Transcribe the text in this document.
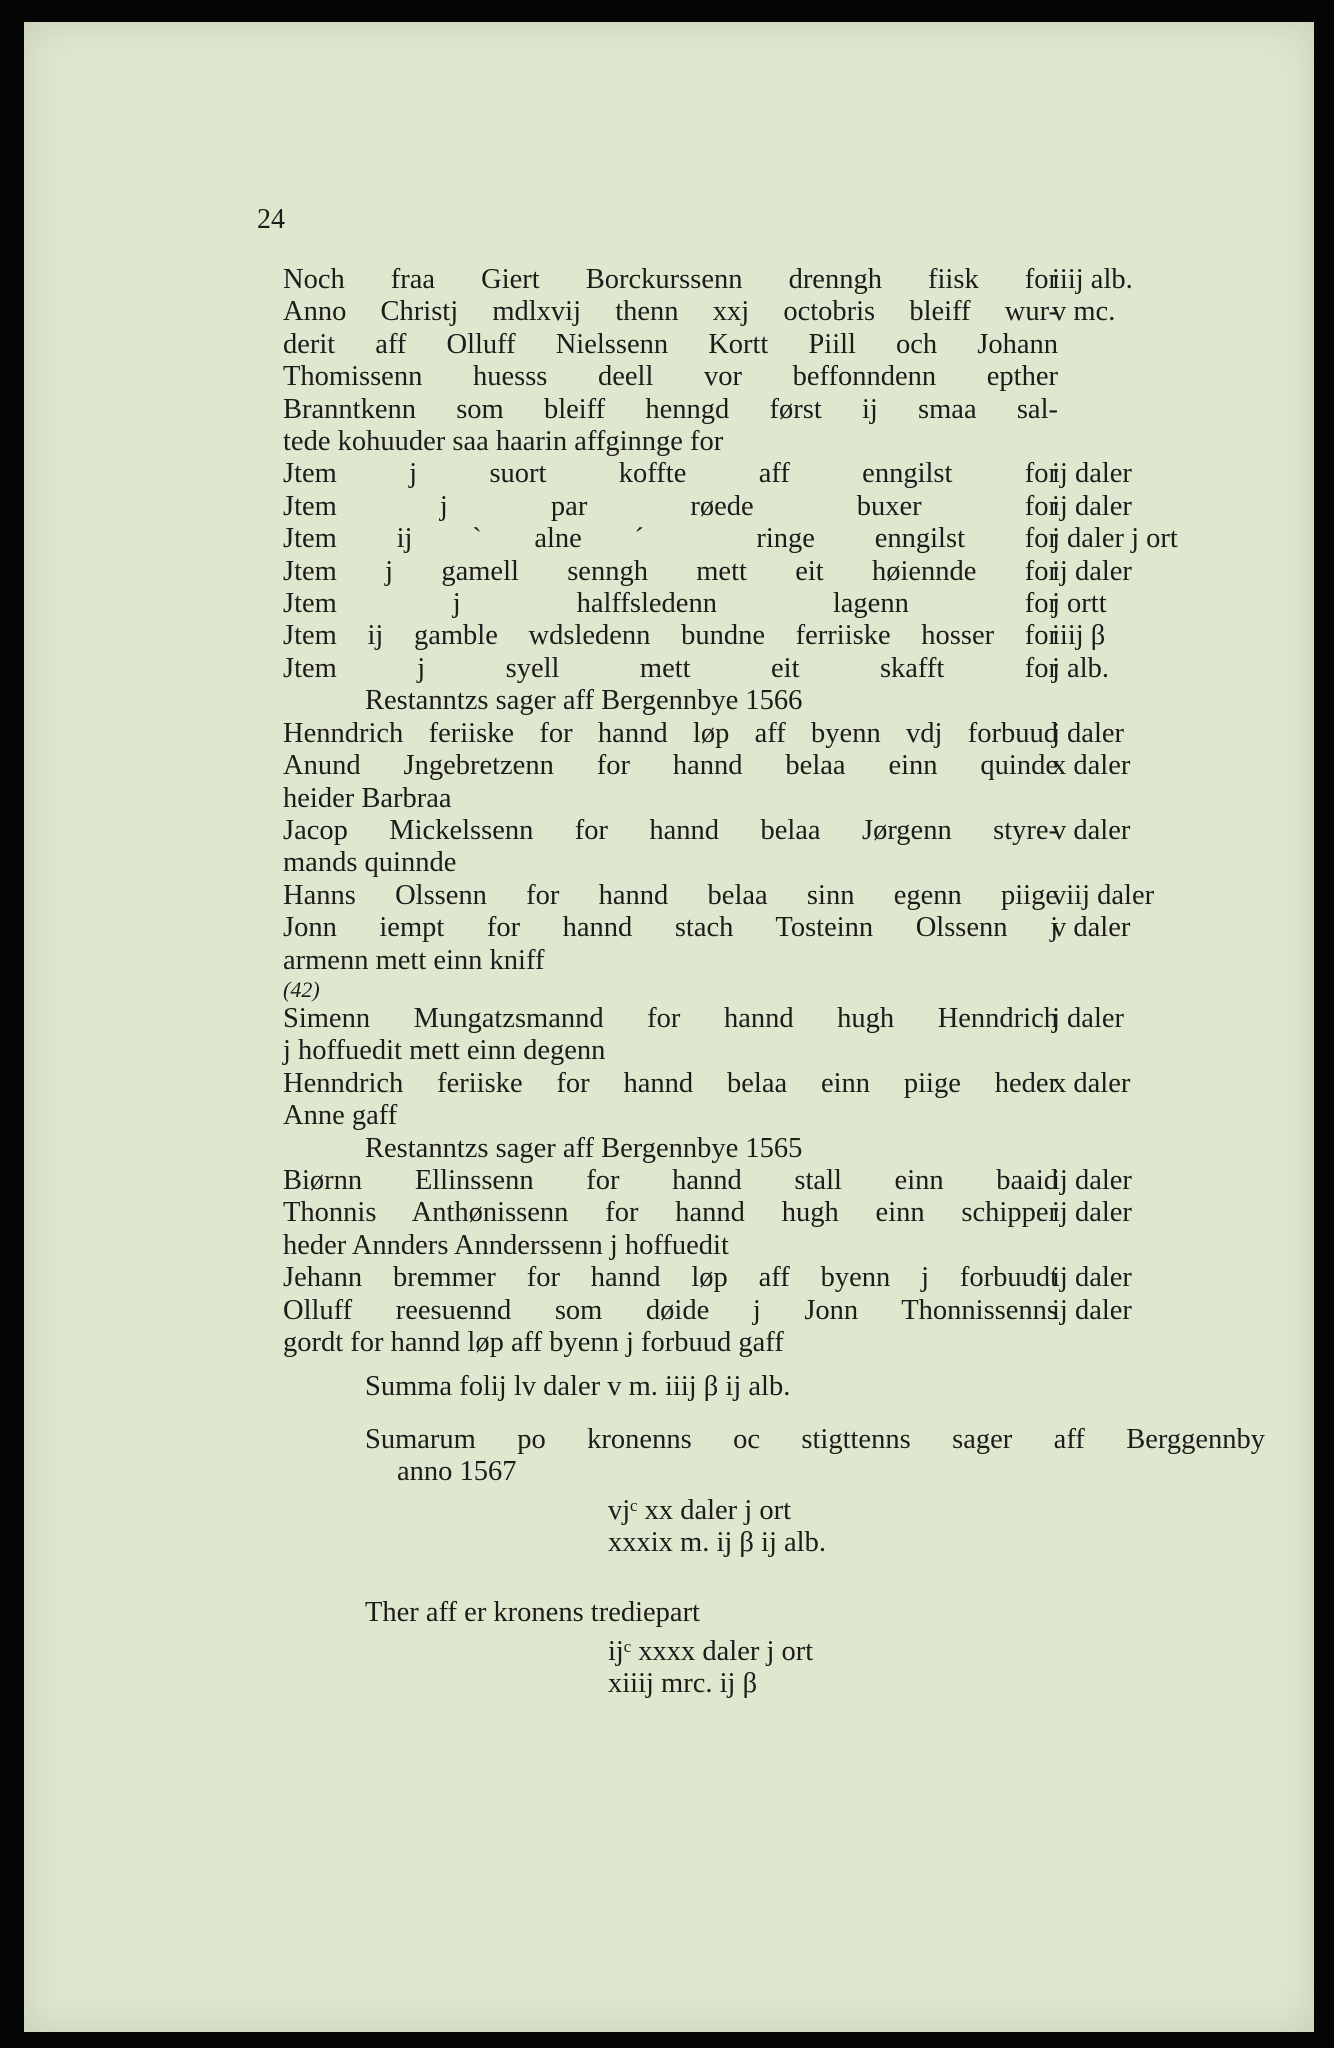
24
Noch fraa Giert Borckurssenn drenngh fiisk for
iiij alb.
Anno Christj mdlxvij thenn xxj octobris bleiff wur-
derit aff Olluff Nielssenn Kortt Piill och Johann
Thomissenn huesss deell vor beffonndenn epther
Branntkenn som bleiff henngd først ij smaa sal-
tede kohuuder saa haarin affginnge for
v mc.
Jtem j suort koffte aff enngilst for
ij daler
Jtem j par røede buxer for
ij daler
Jtem ij ˋalneˊ ringe enngilst for
j daler j ort
Jtem j gamell senngh mett eit høiennde for
ij daler
Jtem j halffsledenn lagenn for
j ortt
Jtem ij gamble wdsledenn bundne ferriiske hosser for
iiij β
Jtem j syell mett eit skafft for
j alb.
Restanntzs sager aff Bergennbye 1566
Henndrich feriiske for hannd løp aff byenn vdj forbuud
j daler
Anund Jngebretzenn for hannd belaa einn quinde
heider Barbraa
x daler
Jacop Mickelssenn for hannd belaa Jørgenn styre-
mands quinnde
v daler
Hanns Olssenn for hannd belaa sinn egenn piige
viij daler
Jonn iempt for hannd stach Tosteinn Olssenn j
armenn mett einn kniff
v daler
(42)
Simenn Mungatzsmannd for hannd hugh Henndrich
j hoffuedit mett einn degenn
j daler
Henndrich feriiske for hannd belaa einn piige heder
Anne gaff
x daler
Restanntzs sager aff Bergennbye 1565
Biørnn Ellinssenn for hannd stall einn baaid
ij daler
Thonnis Anthønissenn for hannd hugh einn schipper
heder Annders Annderssenn j hoffuedit
ij daler
Jehann bremmer for hannd løp aff byenn j forbuudt
ij daler
Olluff reesuennd som døide j Jonn Thonnissenns
gordt for hannd løp aff byenn j forbuud gaff
ij daler
Summa folij lv daler v m. iiij β ij alb.
Sumarum po kronenns oc stigttenns sager aff Berggennby
anno 1567
vjᶜ xx daler j ort
xxxix m. ij β ij alb.
Ther aff er kronens trediepart
ijᶜ xxxx daler j ort
xiiij mrc. ij β
